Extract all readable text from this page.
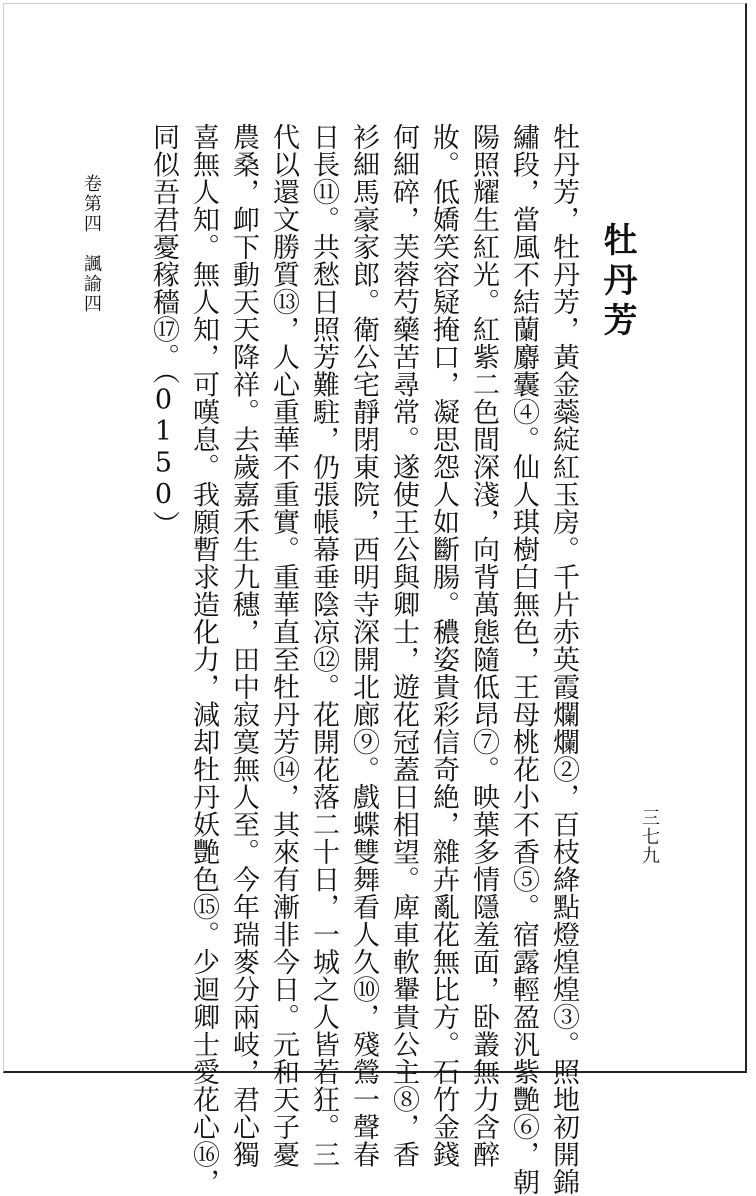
牡丹芳
牡丹芳，牡丹芳，黃金蘂綻紅玉房。千片赤英霞爛爛②，百枝絳點燈煌煌③。照地初開錦
繡段，當風不結蘭麝囊④。仙人琪樹白無色，王母桃花小不香⑤。宿露輕盈汎紫艷⑥，朝
陽照耀生紅光。紅紫二色間深淺，向背萬態隨低昂⑦。映葉多情隱羞面，卧叢無力含醉
妝。低嬌笑容疑掩口，凝思怨人如斷腸。穠姿貴彩信奇絶，雜卉亂花無比方。石竹金錢
何細碎，芙蓉芍藥苦尋常。遂使王公與卿士，遊花冠蓋日相望。庳車軟轝貴公主⑧，香
衫細馬豪家郎。衛公宅靜閉東院，西明寺深開北廊⑨。戲蝶雙舞看人久⑩，殘鶯一聲春
日長⑪。共愁日照芳難駐，仍張帳幕垂陰凉⑫。花開花落二十日，一城之人皆若狂。三
代以還文勝質⑬，人心重華不重實。重華直至牡丹芳⑭，其來有漸非今日。元和天子憂
農桑，卹下動天天降祥。去歲嘉禾生九穗，田中寂寞無人至。今年瑞麥分兩岐，君心獨
喜無人知。無人知，可嘆息。我願暫求造化力，減却牡丹妖艷色⑮。少迴卿士愛花心⑯，
同似吾君憂稼穡⑰。（0150）
卷第四　諷諭四
三七九
